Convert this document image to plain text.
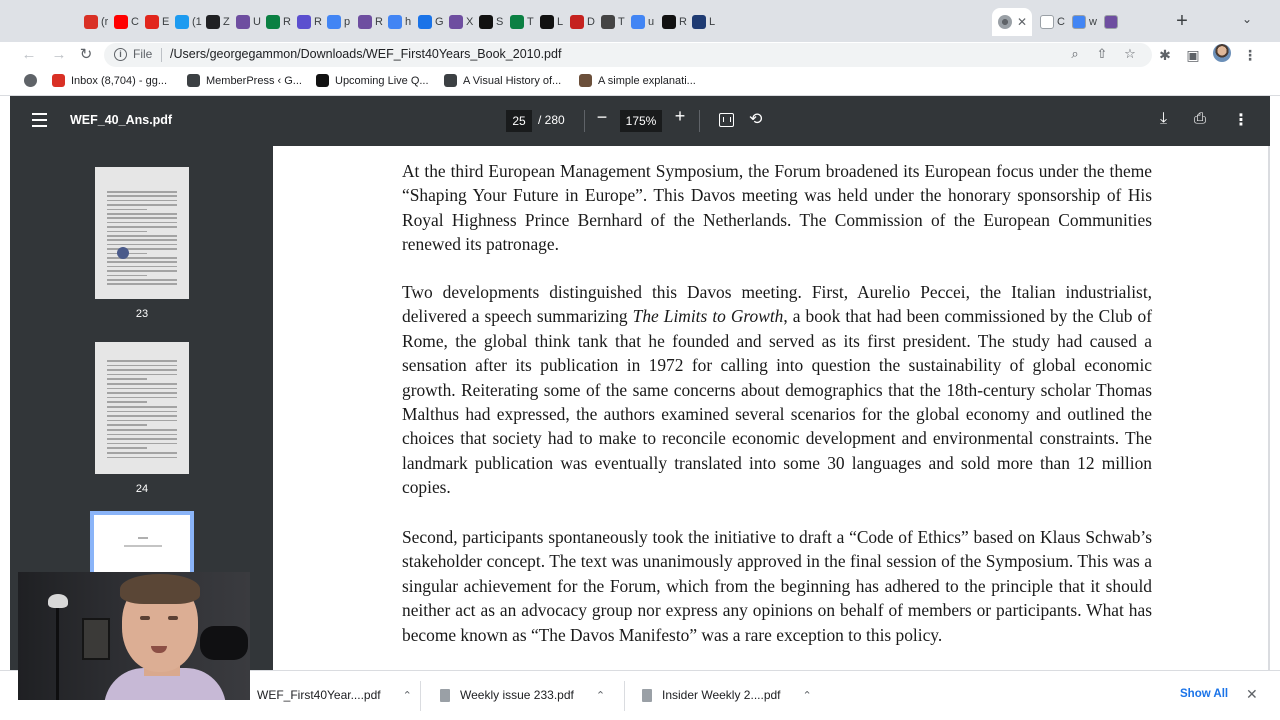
(r C E (1 Z U R R p R h G X S T L D T u R L	✕	C w	+	⌄
← → ↻	i File /Users/georgegammon/Downloads/WEF_First40Years_Book_2010.pdf	⌕	⇧ ☆ ✱ ▣	⋮
Inbox (8,704) - gg...	MemberPress ‹ G...	Upcoming Live Q...	A Visual History of...	A simple explanati...
WEF_40_Ans.pdf	25	/ 280 −	175%	+	⟲	⤓ ⎙ ⋮
23
24

At the third European Management Symposium, the Forum broadened its European focus under the theme “Shaping Your Future in Europe”. This Davos meeting was held under the honorary sponsorship of His Royal Highness Prince Bernhard of the Netherlands. The Commission of the European Communities renewed its patronage.

Two developments distinguished this Davos meeting. First, Aurelio Peccei, the Italian industrialist, delivered a speech summarizing The Limits to Growth, a book that had been commissioned by the Club of Rome, the global think tank that he founded and served as its first president. The study had caused a sensation after its publication in 1972 for calling into question the sustainability of global economic growth. Reiterating some of the same concerns about demographics that the 18th-century scholar Thomas Malthus had expressed, the authors examined several scenarios for the global economy and outlined the choices that society had to make to reconcile economic development and environmental constraints. The landmark publication was eventually translated into some 30 languages and sold more than 12 million copies.

Second, participants spontaneously took the initiative to draft a “Code of Ethics” based on Klaus Schwab’s stakeholder concept. The text was unanimously approved in the final session of the Symposium. This was a singular achievement for the Forum, which from the beginning has adhered to the principle that it should neither act as an advocacy group nor express any opinions on behalf of members or participants. What has become known as “The Davos Manifesto” was a rare exception to this policy.

WEF_First40Year....pdf ⌃	Weekly issue 233.pdf ⌃	Insider Weekly 2....pdf ⌃	Show All ✕
